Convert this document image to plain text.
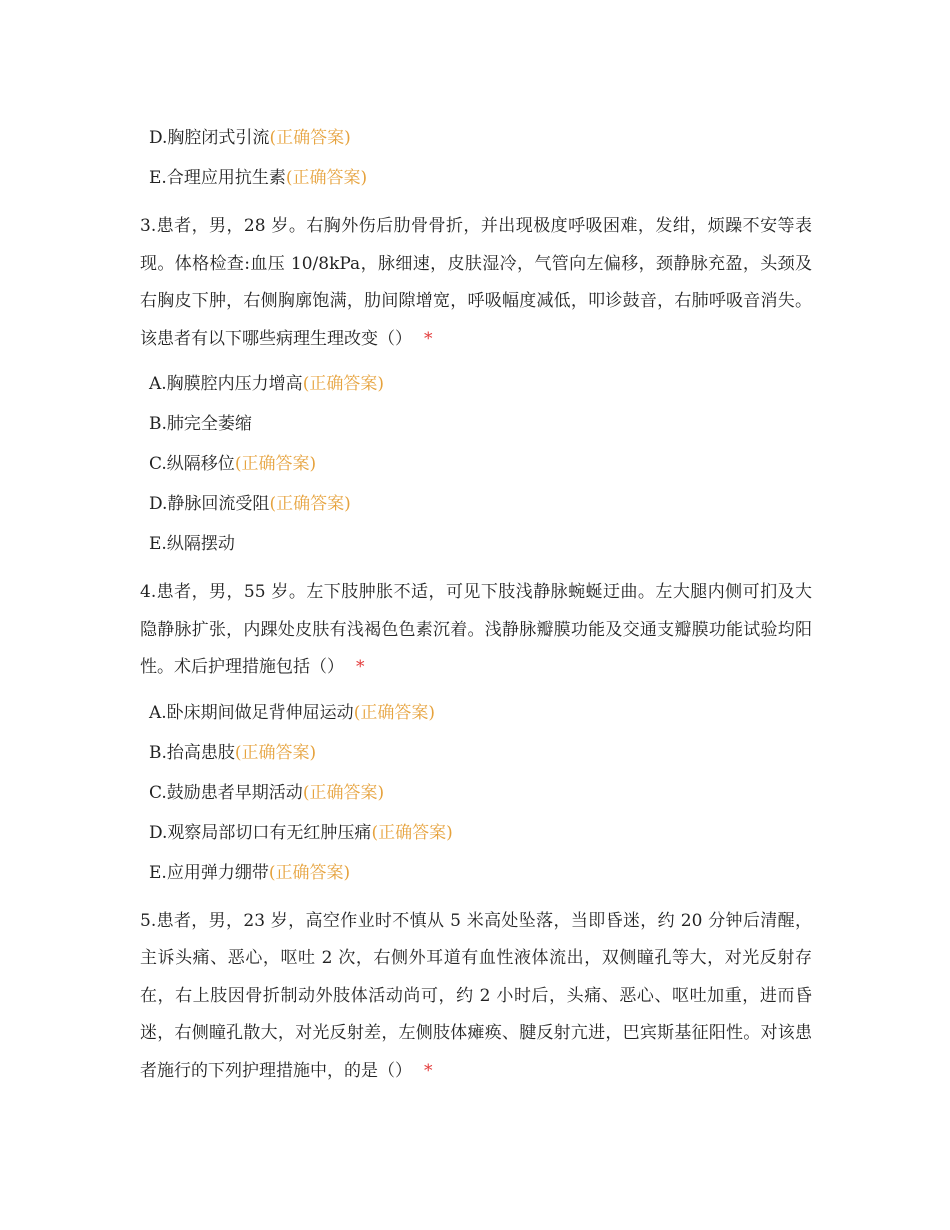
D.胸腔闭式引流(正确答案)
E.合理应用抗生素(正确答案)
3.患者，男，28 岁。右胸外伤后肋骨骨折，并出现极度呼吸困难，发绀，烦躁不安等表现。体格检查:血压 10/8kPa，脉细速，皮肤湿冷，气管向左偏移，颈静脉充盈，头颈及右胸皮下肿，右侧胸廓饱满，肋间隙增宽，呼吸幅度减低，叩诊鼓音，右肺呼吸音消失。该患者有以下哪些病理生理改变（） *
A.胸膜腔内压力增高(正确答案)
B.肺完全萎缩
C.纵隔移位(正确答案)
D.静脉回流受阻(正确答案)
E.纵隔摆动
4.患者，男，55 岁。左下肢肿胀不适，可见下肢浅静脉蜿蜒迂曲。左大腿内侧可扪及大隐静脉扩张，内踝处皮肤有浅褐色色素沉着。浅静脉瓣膜功能及交通支瓣膜功能试验均阳性。术后护理措施包括（） *
A.卧床期间做足背伸屈运动(正确答案)
B.抬高患肢(正确答案)
C.鼓励患者早期活动(正确答案)
D.观察局部切口有无红肿压痛(正确答案)
E.应用弹力绷带(正确答案)
5.患者，男，23 岁，高空作业时不慎从 5 米高处坠落，当即昏迷，约 20 分钟后清醒，主诉头痛、恶心，呕吐 2 次，右侧外耳道有血性液体流出，双侧瞳孔等大，对光反射存在，右上肢因骨折制动外肢体活动尚可，约 2 小时后，头痛、恶心、呕吐加重，进而昏迷，右侧瞳孔散大，对光反射差，左侧肢体瘫痪、腱反射亢进，巴宾斯基征阳性。对该患者施行的下列护理措施中，的是（） *
